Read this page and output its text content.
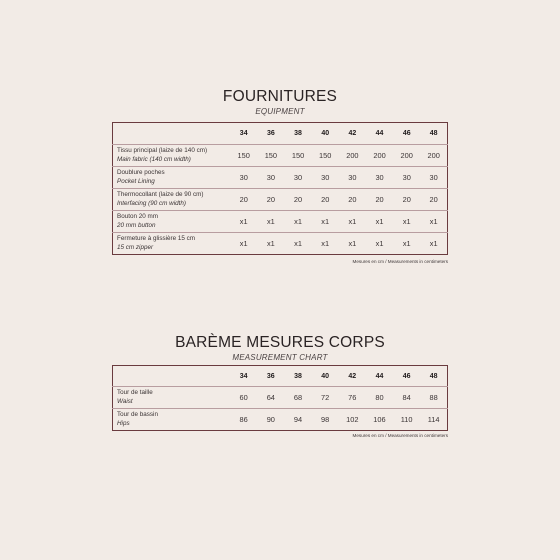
FOURNITURES
EQUIPMENT
	34	36	38	40	42	44	46	48
Tissu principal (laize de 140 cm)
Main fabric (140 cm width)	150	150	150	150	200	200	200	200
Doublure poches
Pocket Lining	30	30	30	30	30	30	30	30
Thermocollant (laize de 90 cm)
Interfacing (90 cm width)	20	20	20	20	20	20	20	20
Bouton 20 mm
20 mm button	x1	x1	x1	x1	x1	x1	x1	x1
Fermeture à glissière 15 cm
15 cm zipper	x1	x1	x1	x1	x1	x1	x1	x1
Mesures en cm / Measurements in centimeters
BARÈME MESURES CORPS
MEASUREMENT CHART
	34	36	38	40	42	44	46	48
Tour de taille
Waist	60	64	68	72	76	80	84	88
Tour de bassin
Hips	86	90	94	98	102	106	110	114
Mesures en cm / Measurements in centimeters
